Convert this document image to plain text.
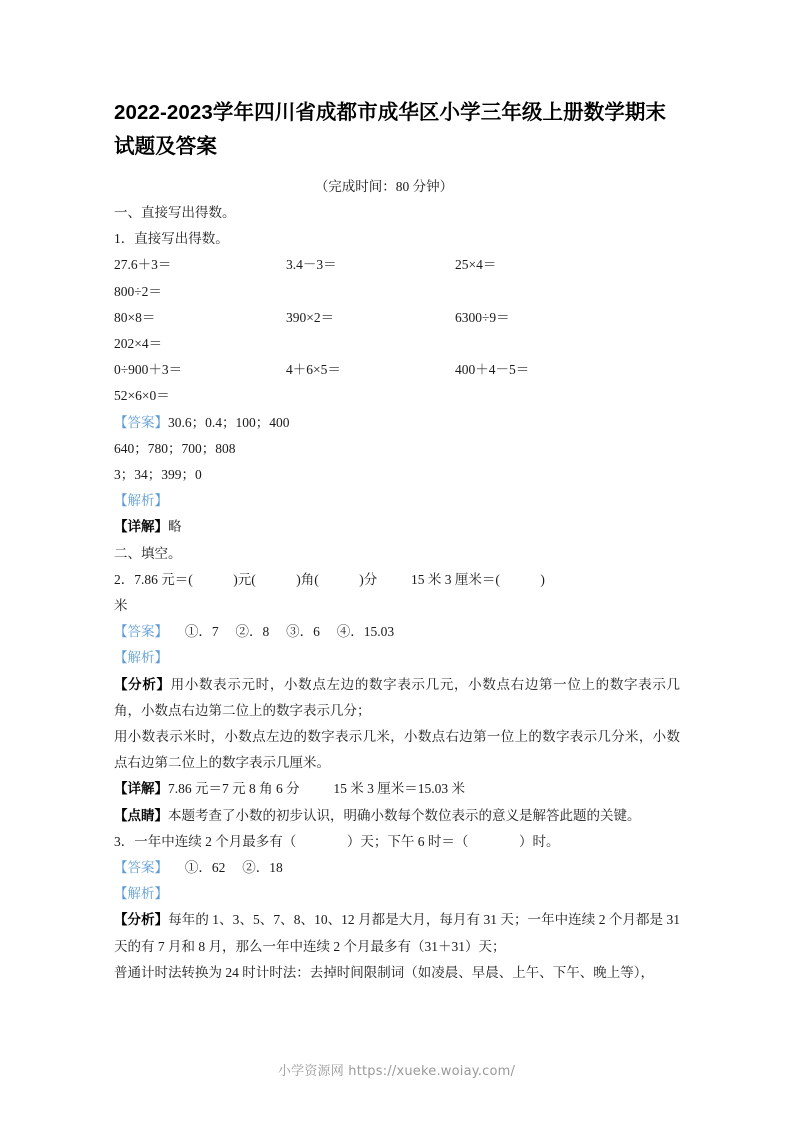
2022-2023学年四川省成都市成华区小学三年级上册数学期末试题及答案
（完成时间：80 分钟）
一、直接写出得数。
1．直接写出得数。
27.6＋3＝	3.4－3＝	25×4＝
800÷2＝
80×8＝	390×2＝	6300÷9＝
202×4＝
0÷900＋3＝	4＋6×5＝	400＋4－5＝
52×6×0＝
【答案】30.6；0.4；100；400
640；780；700；808
3；34；399；0
【解析】
【详解】略
二、填空。
2．7.86 元＝(            )元(            )角(            )分          15 米 3 厘米＝(            )
米
【答案】     ①．7     ②．8     ③．6     ④．15.03
【解析】
【分析】用小数表示元时，小数点左边的数字表示几元，小数点右边第一位上的数字表示几角，小数点右边第二位上的数字表示几分；
用小数表示米时，小数点左边的数字表示几米，小数点右边第一位上的数字表示几分米，小数点右边第二位上的数字表示几厘米。
【详解】7.86 元＝7 元 8 角 6 分          15 米 3 厘米＝15.03 米
【点睛】本题考查了小数的初步认识，明确小数每个数位表示的意义是解答此题的关键。
3．一年中连续 2 个月最多有（               ）天；下午 6 时＝（               ）时。
【答案】     ①．62     ②．18
【解析】
【分析】每年的 1、3、5、7、8、10、12 月都是大月，每月有 31 天；一年中连续 2 个月都是 31 天的有 7 月和 8 月，那么一年中连续 2 个月最多有（31＋31）天；
普通计时法转换为 24 时计时法：去掉时间限制词（如凌晨、早晨、上午、下午、晚上等），
小学资源网 https://xueke.woiay.com/
